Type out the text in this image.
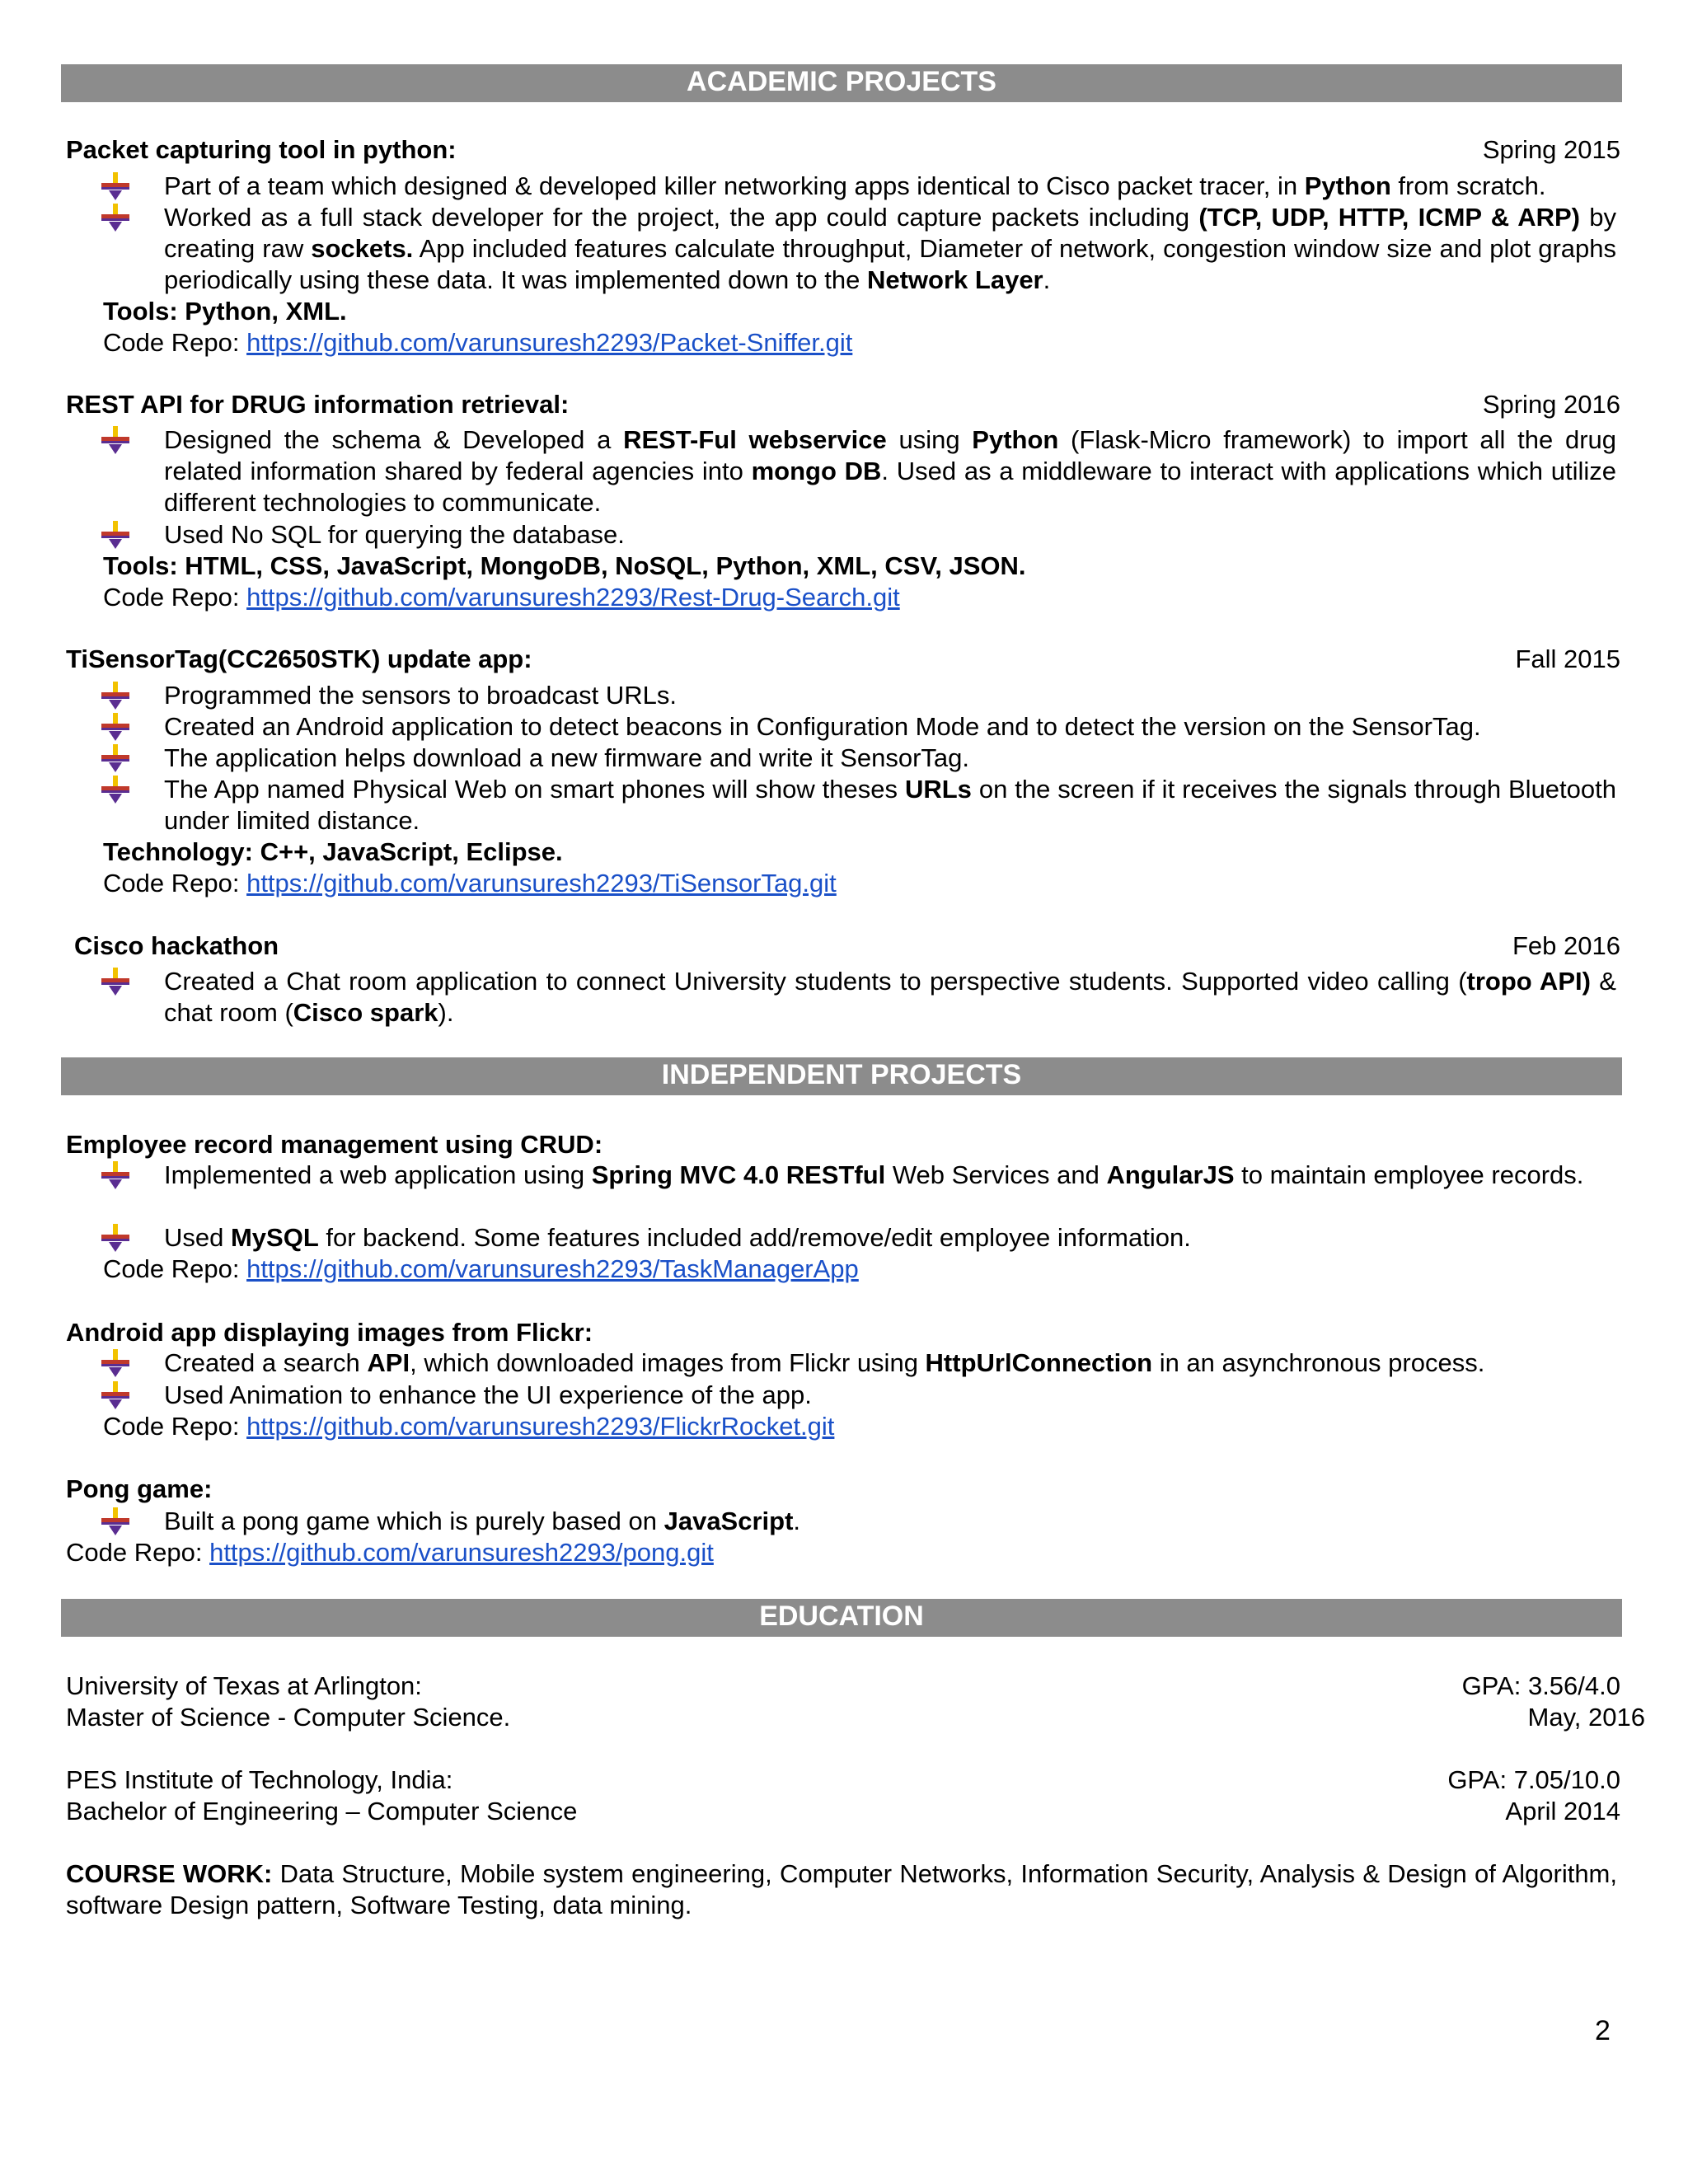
ACADEMIC PROJECTS
Packet capturing tool in python:	Spring 2015
Part of a team which designed & developed killer networking apps identical to Cisco packet tracer, in Python from scratch.
Worked as a full stack developer for the project, the app could capture packets including (TCP, UDP, HTTP, ICMP & ARP) by creating raw sockets. App included features calculate throughput, Diameter of network, congestion window size and plot graphs periodically using these data. It was implemented down to the Network Layer.
Tools: Python, XML.
Code Repo: https://github.com/varunsuresh2293/Packet-Sniffer.git
REST API for DRUG information retrieval:	Spring 2016
Designed the schema & Developed a REST-Ful webservice using Python (Flask-Micro framework) to import all the drug related information shared by federal agencies into mongo DB. Used as a middleware to interact with applications which utilize different technologies to communicate.
Used No SQL for querying the database.
Tools: HTML, CSS, JavaScript, MongoDB, NoSQL, Python, XML, CSV, JSON.
Code Repo: https://github.com/varunsuresh2293/Rest-Drug-Search.git
TiSensorTag(CC2650STK) update app:	Fall 2015
Programmed the sensors to broadcast URLs.
Created an Android application to detect beacons in Configuration Mode and to detect the version on the SensorTag.
The application helps download a new firmware and write it SensorTag.
The App named Physical Web on smart phones will show theses URLs on the screen if it receives the signals through Bluetooth under limited distance.
Technology: C++, JavaScript, Eclipse.
Code Repo: https://github.com/varunsuresh2293/TiSensorTag.git
Cisco hackathon	Feb 2016
Created a Chat room application to connect University students to perspective students. Supported video calling (tropo API) & chat room (Cisco spark).
INDEPENDENT PROJECTS
Employee record management using CRUD:
Implemented a web application using Spring MVC 4.0 RESTful Web Services and AngularJS to maintain employee records.
Used MySQL for backend. Some features included add/remove/edit employee information.
Code Repo: https://github.com/varunsuresh2293/TaskManagerApp
Android app displaying images from Flickr:
Created a search API, which downloaded images from Flickr using HttpUrlConnection in an asynchronous process.
Used Animation to enhance the UI experience of the app.
Code Repo: https://github.com/varunsuresh2293/FlickrRocket.git
Pong game:
Built a pong game which is purely based on JavaScript.
Code Repo: https://github.com/varunsuresh2293/pong.git
EDUCATION
University of Texas at Arlington:	GPA: 3.56/4.0
Master of Science - Computer Science.	May, 2016
PES Institute of Technology, India:	GPA: 7.05/10.0
Bachelor of Engineering – Computer Science	April 2014
COURSE WORK: Data Structure, Mobile system engineering, Computer Networks, Information Security, Analysis & Design of Algorithm, software Design pattern, Software Testing, data mining.
2
